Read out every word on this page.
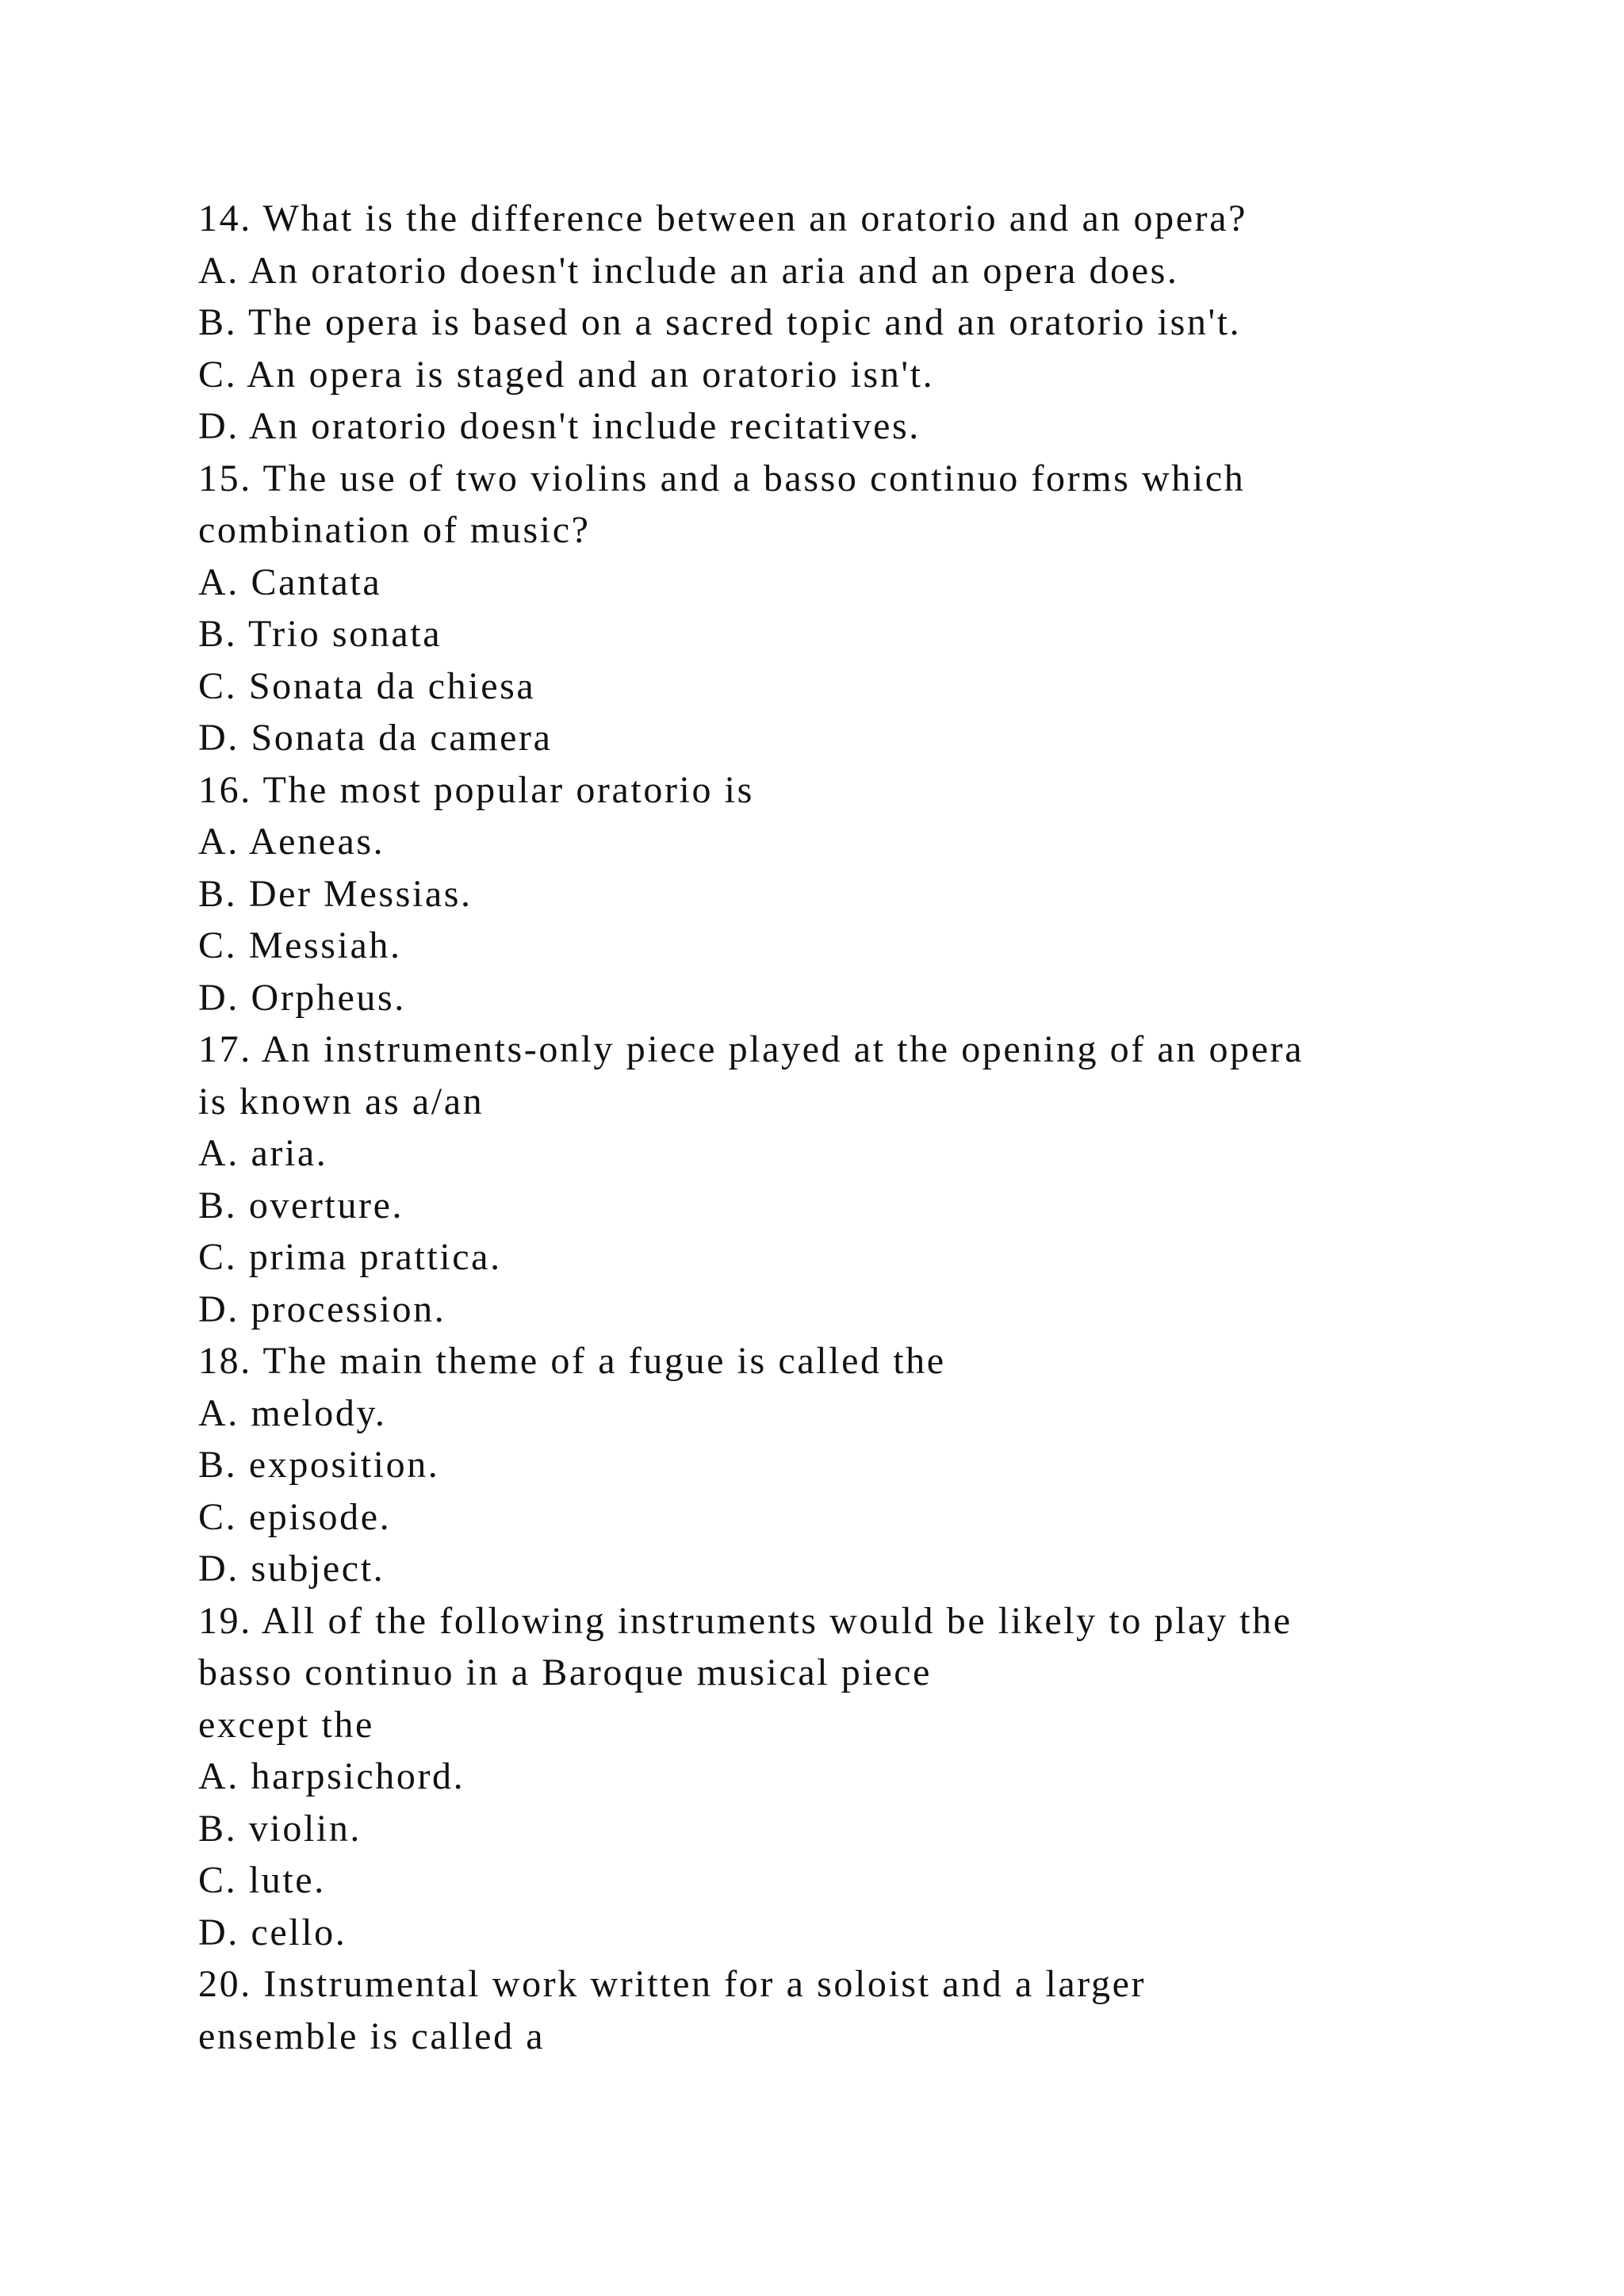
14. What is the difference between an oratorio and an opera?
A. An oratorio doesn't include an aria and an opera does.
B. The opera is based on a sacred topic and an oratorio isn't.
C. An opera is staged and an oratorio isn't.
D. An oratorio doesn't include recitatives.
15. The use of two violins and a basso continuo forms which
combination of music?
A. Cantata
B. Trio sonata
C. Sonata da chiesa
D. Sonata da camera
16. The most popular oratorio is
A. Aeneas.
B. Der Messias.
C. Messiah.
D. Orpheus.
17. An instruments-only piece played at the opening of an opera
is known as a/an
A. aria.
B. overture.
C. prima prattica.
D. procession.
18. The main theme of a fugue is called the
A. melody.
B. exposition.
C. episode.
D. subject.
19. All of the following instruments would be likely to play the
basso continuo in a Baroque musical piece
except the
A. harpsichord.
B. violin.
C. lute.
D. cello.
20. Instrumental work written for a soloist and a larger
ensemble is called a
